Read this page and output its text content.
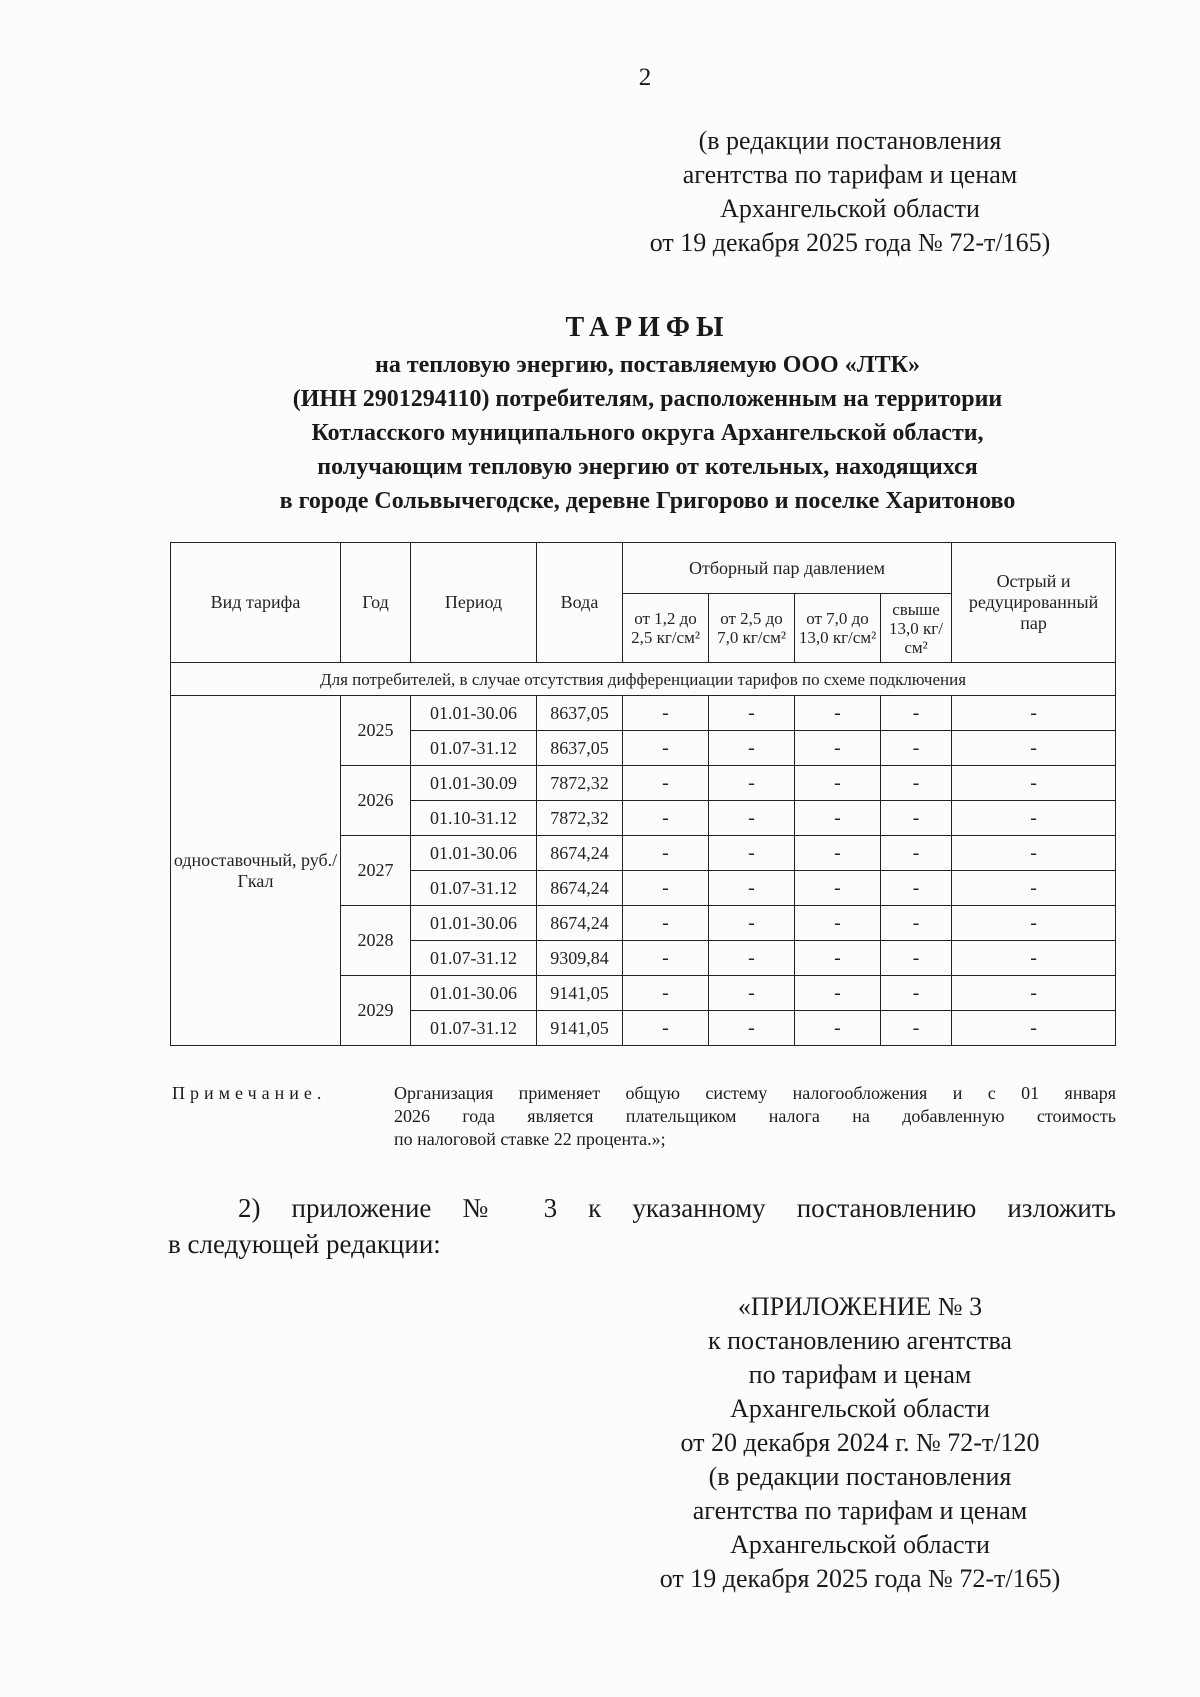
2
(в редакции постановления
агентства по тарифам и ценам
Архангельской области
от 19 декабря 2025 года № 72-т/165)
ТАРИФЫ
на тепловую энергию, поставляемую ООО «ЛТК»
(ИНН 2901294110) потребителям, расположенным на территории
Котласского муниципального округа Архангельской области,
получающим тепловую энергию от котельных, находящихся
в городе Сольвычегодске, деревне Григорово и поселке Харитоново
Вид тарифа	Год	Период	Вода	Отборный пар давлением				Острый и редуцированный пар
				от 1,2 до 2,5 кг/см²	от 2,5 до 7,0 кг/см²	от 7,0 до 13,0 кг/см²	свыше 13,0 кг/см²	
Для потребителей, в случае отсутствия дифференциации тарифов по схеме подключения								
одноставочный, руб./Гкал	2025	01.01-30.06	8637,05	-	-	-	-	-
		01.07-31.12	8637,05	-	-	-	-	-
	2026	01.01-30.09	7872,32	-	-	-	-	-
		01.10-31.12	7872,32	-	-	-	-	-
	2027	01.01-30.06	8674,24	-	-	-	-	-
		01.07-31.12	8674,24	-	-	-	-	-
	2028	01.01-30.06	8674,24	-	-	-	-	-
		01.07-31.12	9309,84	-	-	-	-	-
	2029	01.01-30.06	9141,05	-	-	-	-	-
		01.07-31.12	9141,05	-	-	-	-	-
Примечание.	Организация применяет общую систему налогообложения и с 01 января
2026 года является плательщиком налога на добавленную стоимость
по налоговой ставке 22 процента.»;
2) приложение № 3 к указанному постановлению изложить
в следующей редакции:
«ПРИЛОЖЕНИЕ № 3
к постановлению агентства
по тарифам и ценам
Архангельской области
от 20 декабря 2024 г. № 72-т/120
(в редакции постановления
агентства по тарифам и ценам
Архангельской области
от 19 декабря 2025 года № 72-т/165)
